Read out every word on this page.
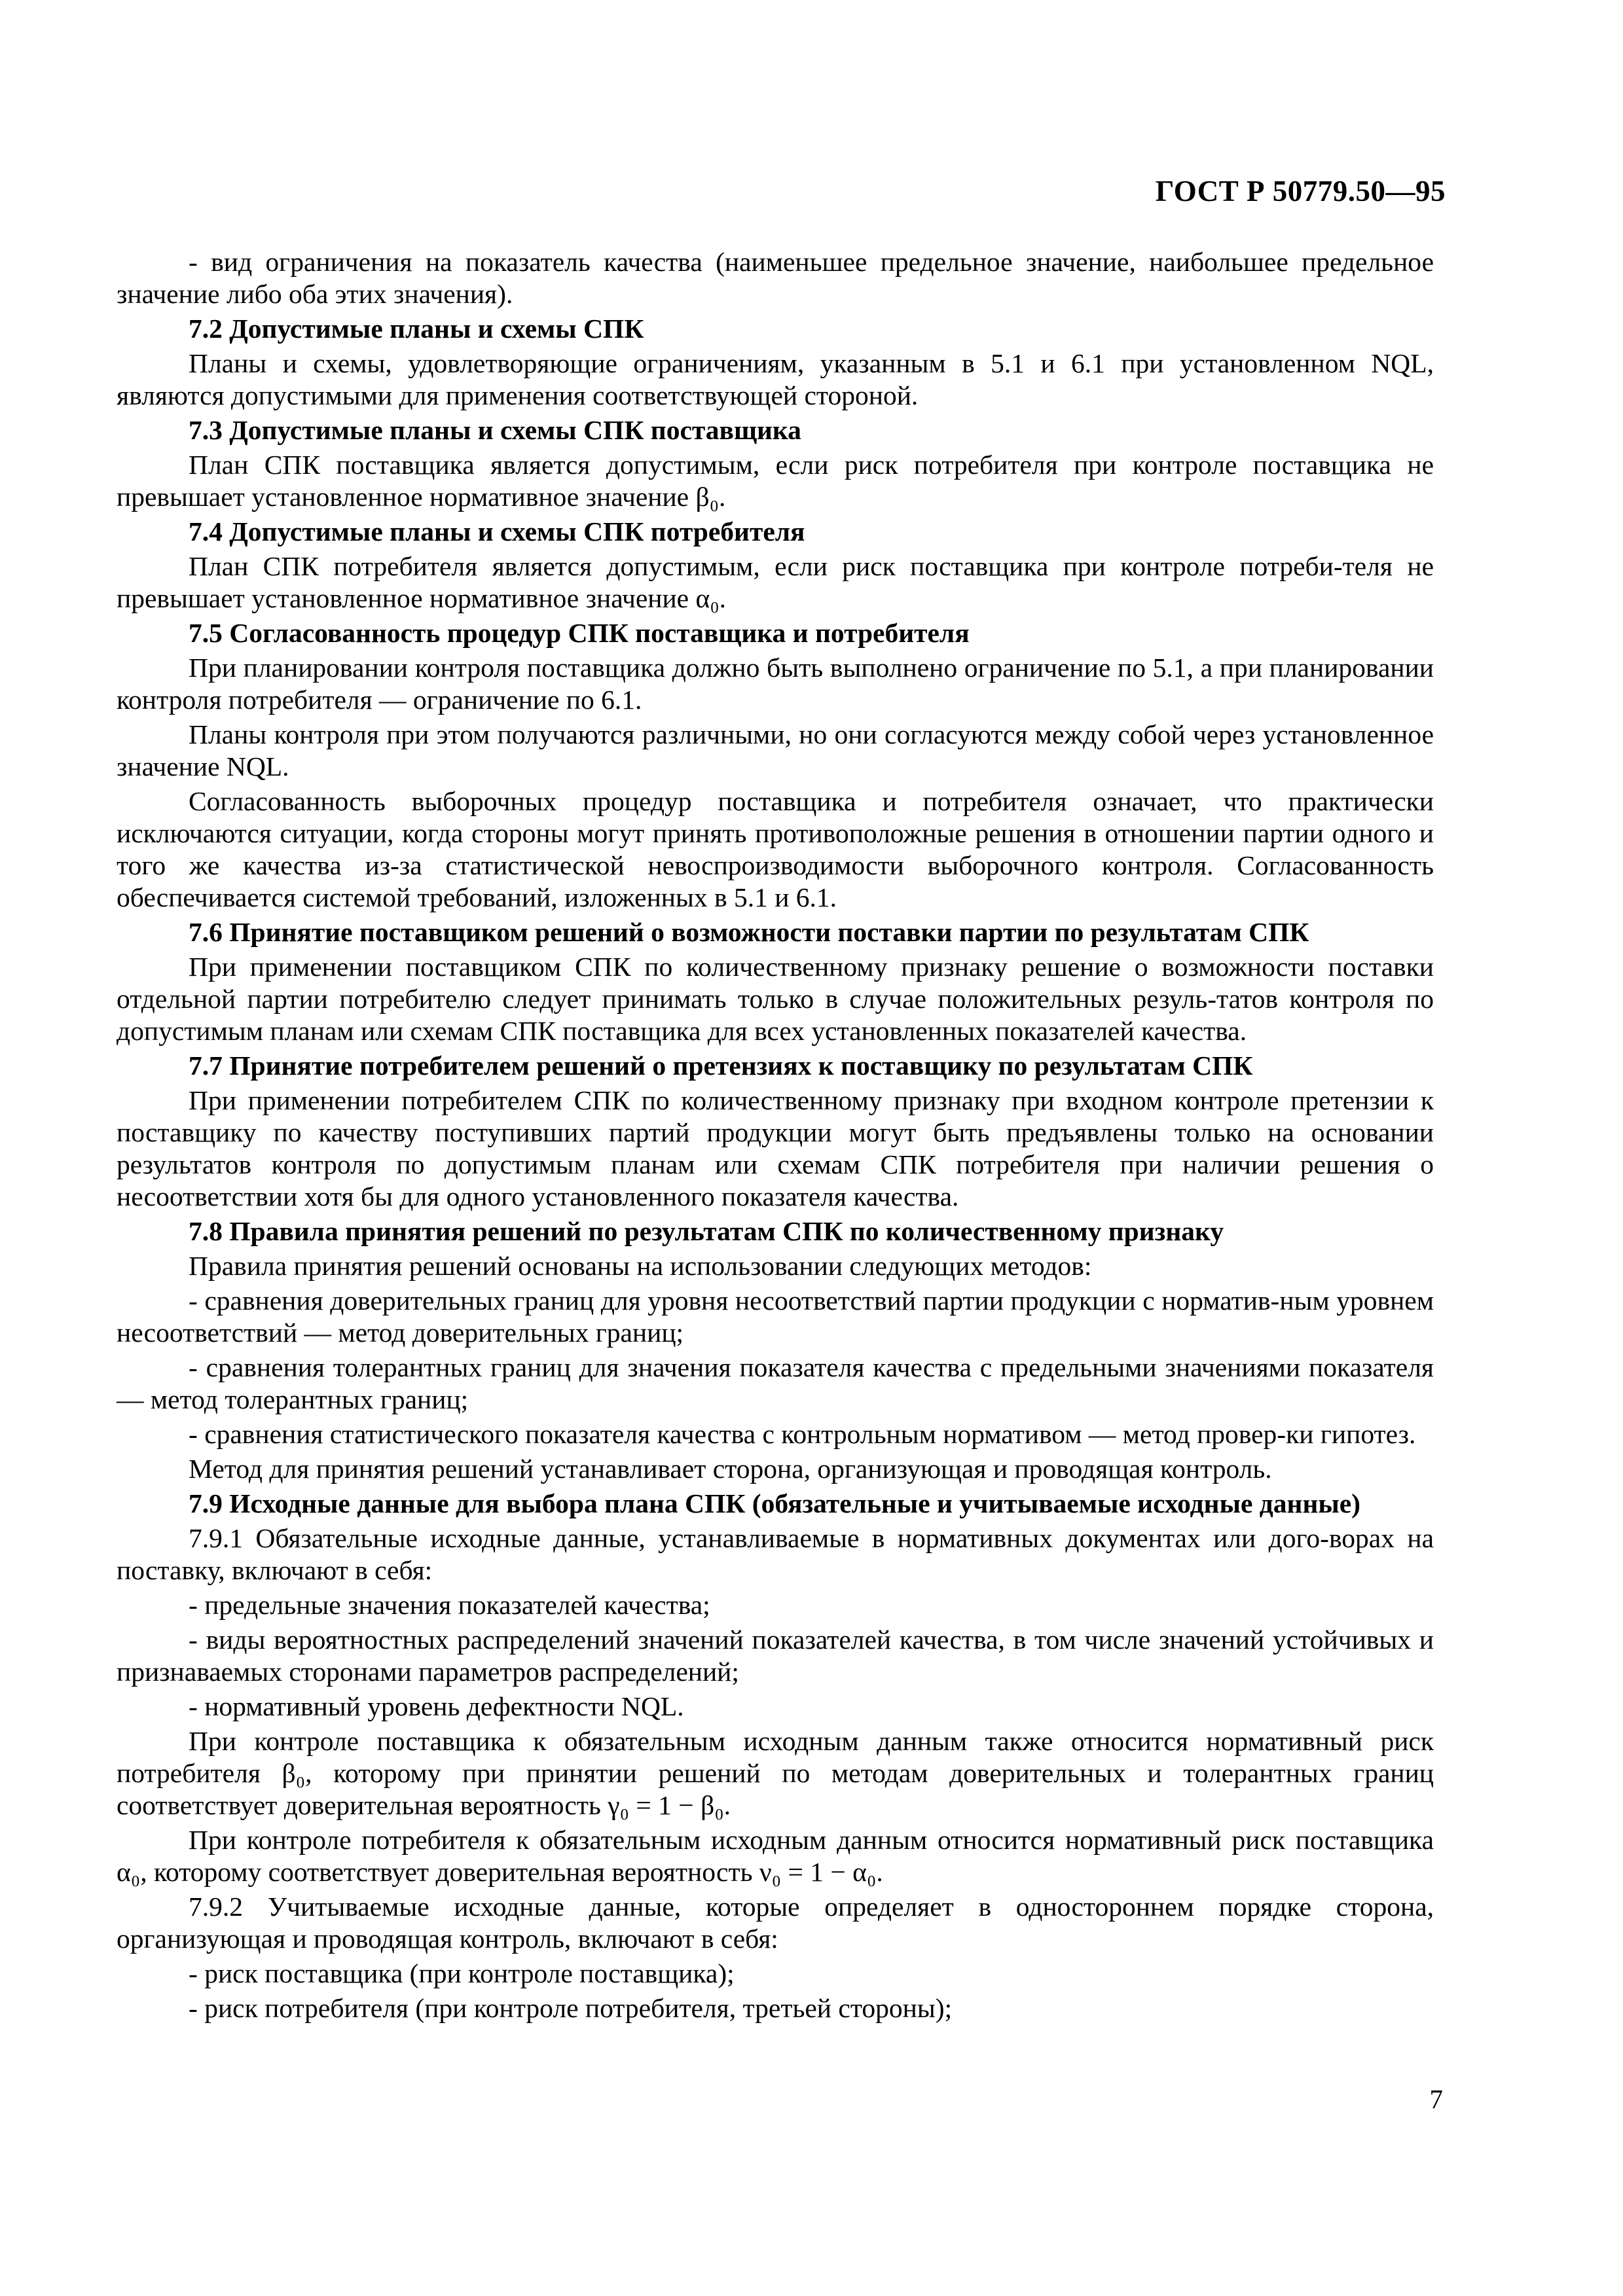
ГОСТ Р 50779.50—95

- вид ограничения на показатель качества (наименьшее предельное значение, наибольшее предельное значение либо оба этих значения).

7.2 Допустимые планы и схемы СПК

Планы и схемы, удовлетворяющие ограничениям, указанным в 5.1 и 6.1 при установленном NQL, являются допустимыми для применения соответствующей стороной.

7.3 Допустимые планы и схемы СПК поставщика

План СПК поставщика является допустимым, если риск потребителя при контроле поставщика не превышает установленное нормативное значение β₀.

7.4 Допустимые планы и схемы СПК потребителя

План СПК потребителя является допустимым, если риск поставщика при контроле потреби-теля не превышает установленное нормативное значение α₀.

7.5 Согласованность процедур СПК поставщика и потребителя

При планировании контроля поставщика должно быть выполнено ограничение по 5.1, а при планировании контроля потребителя — ограничение по 6.1.

Планы контроля при этом получаются различными, но они согласуются между собой через установленное значение NQL.

Согласованность выборочных процедур поставщика и потребителя означает, что практически исключаются ситуации, когда стороны могут принять противоположные решения в отношении партии одного и того же качества из-за статистической невоспроизводимости выборочного контроля. Согласованность обеспечивается системой требований, изложенных в 5.1 и 6.1.

7.6 Принятие поставщиком решений о возможности поставки партии по результатам СПК

При применении поставщиком СПК по количественному признаку решение о возможности поставки отдельной партии потребителю следует принимать только в случае положительных резуль-татов контроля по допустимым планам или схемам СПК поставщика для всех установленных показателей качества.

7.7 Принятие потребителем решений о претензиях к поставщику по результатам СПК

При применении потребителем СПК по количественному признаку при входном контроле претензии к поставщику по качеству поступивших партий продукции могут быть предъявлены только на основании результатов контроля по допустимым планам или схемам СПК потребителя при наличии решения о несоответствии хотя бы для одного установленного показателя качества.

7.8 Правила принятия решений по результатам СПК по количественному признаку

Правила принятия решений основаны на использовании следующих методов:

- сравнения доверительных границ для уровня несоответствий партии продукции с норматив-ным уровнем несоответствий — метод доверительных границ;

- сравнения толерантных границ для значения показателя качества с предельными значениями показателя — метод толерантных границ;

- сравнения статистического показателя качества с контрольным нормативом — метод провер-ки гипотез.

Метод для принятия решений устанавливает сторона, организующая и проводящая контроль.

7.9 Исходные данные для выбора плана СПК (обязательные и учитываемые исходные данные)

7.9.1 Обязательные исходные данные, устанавливаемые в нормативных документах или дого-ворах на поставку, включают в себя:

- предельные значения показателей качества;

- виды вероятностных распределений значений показателей качества, в том числе значений устойчивых и признаваемых сторонами параметров распределений;

- нормативный уровень дефектности NQL.

При контроле поставщика к обязательным исходным данным также относится нормативный риск потребителя β₀, которому при принятии решений по методам доверительных и толерантных границ соответствует доверительная вероятность γ₀ = 1 − β₀.

При контроле потребителя к обязательным исходным данным относится нормативный риск поставщика α₀, которому соответствует доверительная вероятность ν₀ = 1 − α₀.

7.9.2 Учитываемые исходные данные, которые определяет в одностороннем порядке сторона, организующая и проводящая контроль, включают в себя:

- риск поставщика (при контроле поставщика);

- риск потребителя (при контроле потребителя, третьей стороны);

7
